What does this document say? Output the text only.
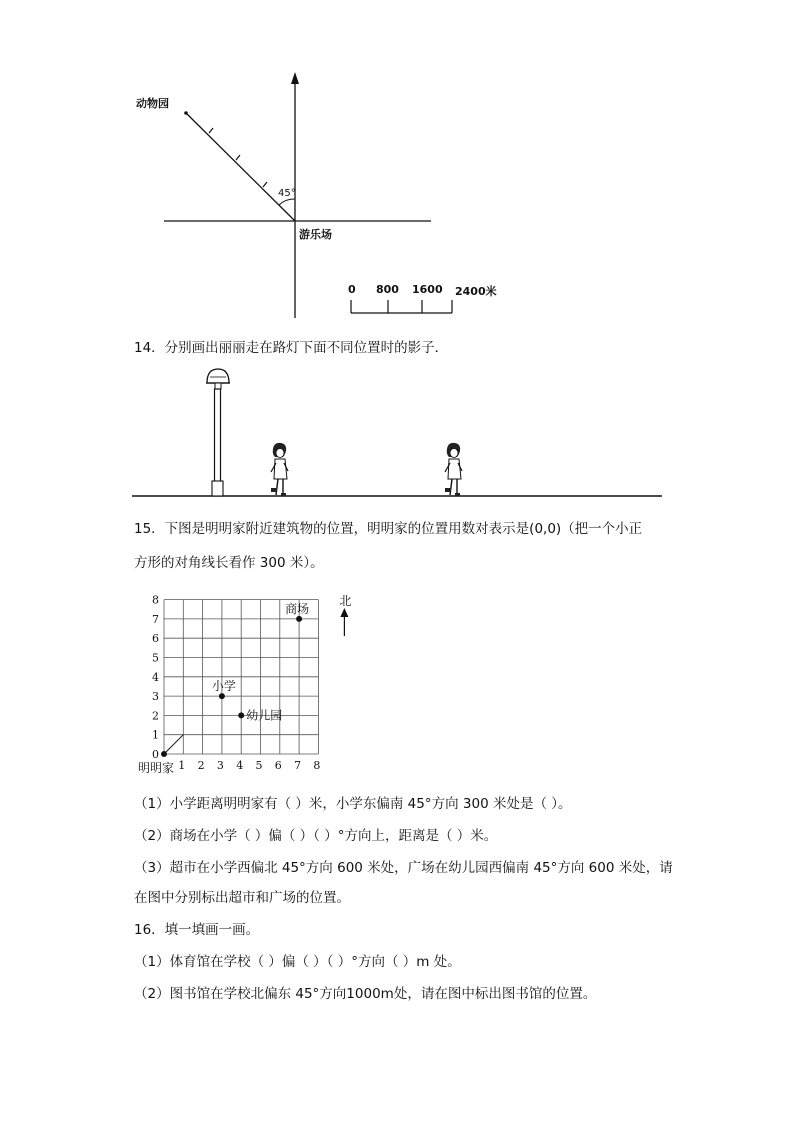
动物园
游乐场
45°
0 800 1600 2400米
14．分别画出丽丽走在路灯下面不同位置时的影子．
15．下图是明明家附近建筑物的位置，明明家的位置用数对表示是(0,0)（把一个小正
方形的对角线长看作 300 米）。
1 2 3 4 5 6 7 8
0
1
2
3
4
5
6
7
8
商场
小学
幼儿园
明明家
北
（1）小学距离明明家有（ ）米，小学东偏南 45°方向 300 米处是（ ）。
（2）商场在小学（ ）偏（ ）（ ）°方向上，距离是（ ）米。
（3）超市在小学西偏北 45°方向 600 米处，广场在幼儿园西偏南 45°方向 600 米处，请
在图中分别标出超市和广场的位置。
16．填一填画一画。
（1）体育馆在学校（ ）偏（ ）（ ）°方向（ ）m 处。
（2）图书馆在学校北偏东 45°方向1000m处，请在图中标出图书馆的位置。
